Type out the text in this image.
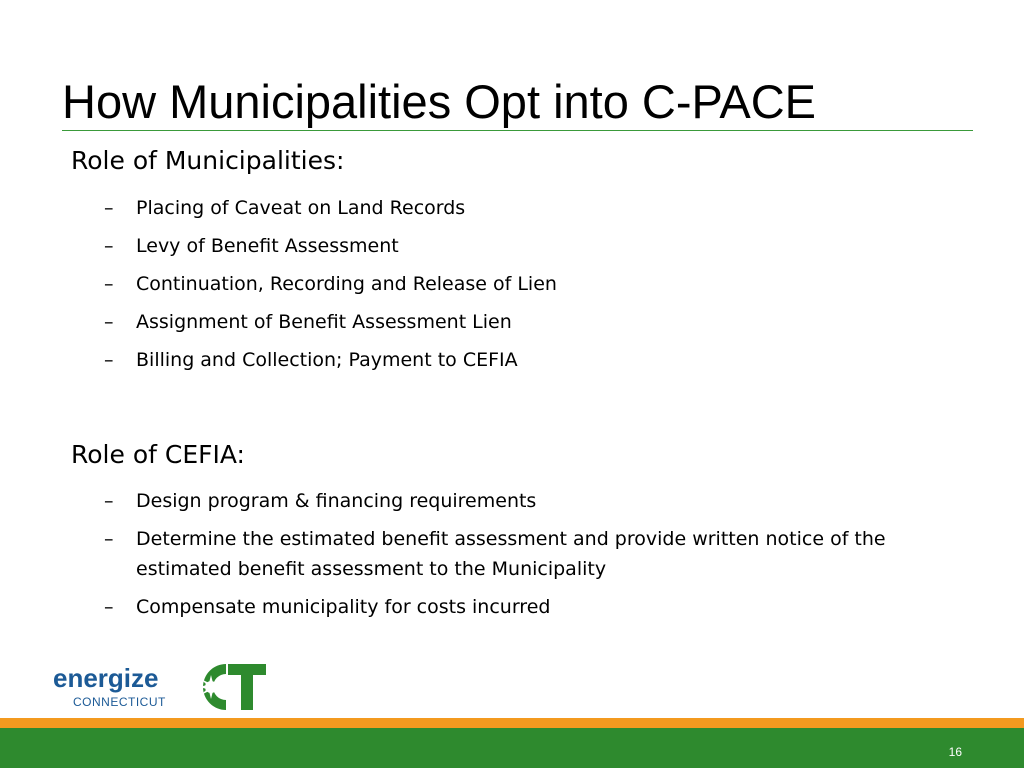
How Municipalities Opt into C-PACE
Role of Municipalities:
– Placing of Caveat on Land Records
– Levy of Benefit Assessment
– Continuation, Recording and Release of Lien
– Assignment of Benefit Assessment Lien
– Billing and Collection; Payment to CEFIA
Role of CEFIA:
– Design program & financing requirements
– Determine the estimated benefit assessment and provide written notice of the estimated benefit assessment to the Municipality
– Compensate municipality for costs incurred
energize
CONNECTICUT
16
